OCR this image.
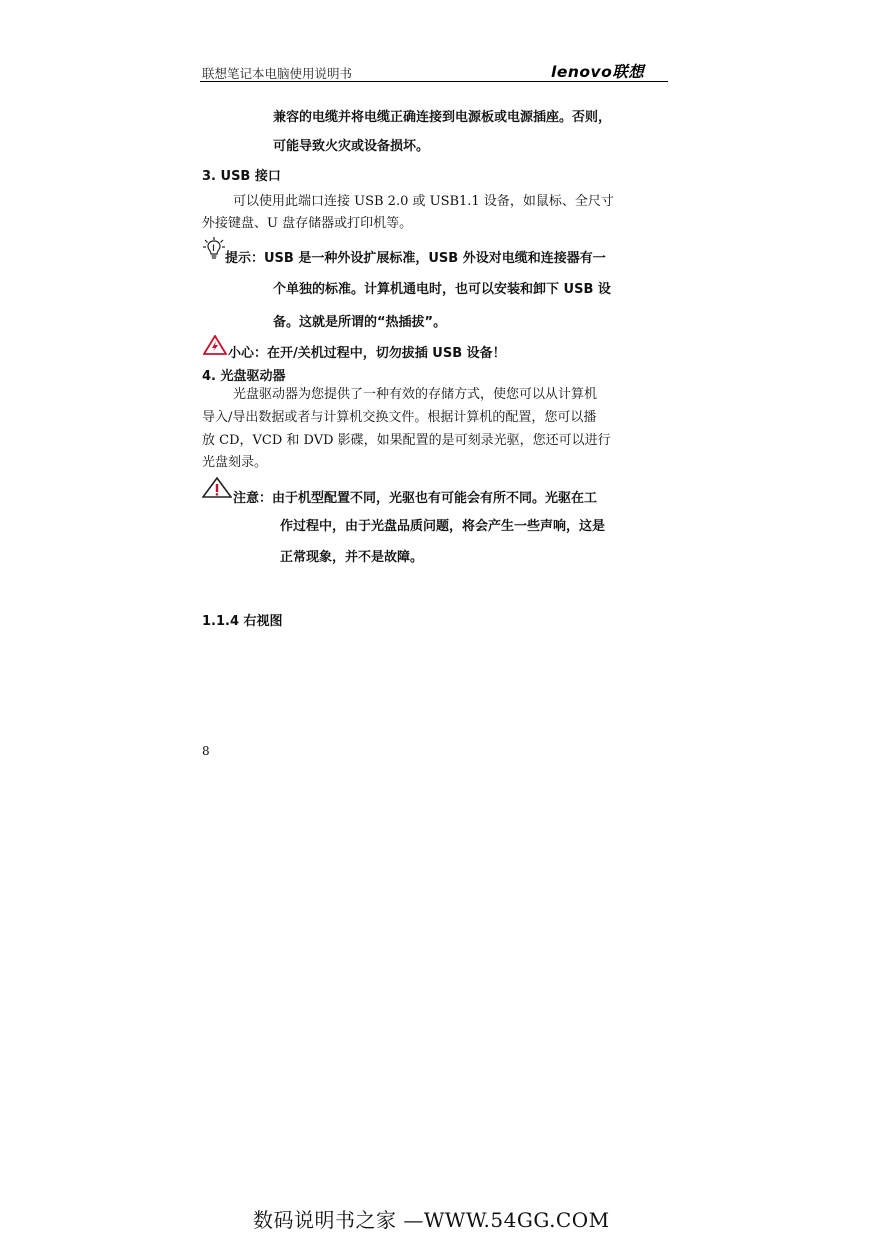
联想笔记本电脑使用说明书	lenovo联想
兼容的电缆并将电缆正确连接到电源板或电源插座。否则，
可能导致火灾或设备损坏。
3. USB 接口
可以使用此端口连接 USB 2.0 或 USB1.1 设备，如鼠标、全尺寸
外接键盘、U 盘存储器或打印机等。
提示：USB 是一种外设扩展标准，USB 外设对电缆和连接器有一
个单独的标准。计算机通电时，也可以安装和卸下 USB 设
备。这就是所谓的“热插拔”。
小心：在开/关机过程中，切勿拔插 USB 设备！
4. 光盘驱动器
光盘驱动器为您提供了一种有效的存储方式，使您可以从计算机
导入/导出数据或者与计算机交换文件。根据计算机的配置，您可以播
放 CD，VCD 和 DVD 影碟，如果配置的是可刻录光驱，您还可以进行
光盘刻录。
注意：由于机型配置不同，光驱也有可能会有所不同。光驱在工
作过程中，由于光盘品质问题，将会产生一些声响，这是
正常现象，并不是故障。
1.1.4 右视图
8
数码说明书之家 —WWW.54GG.COM
